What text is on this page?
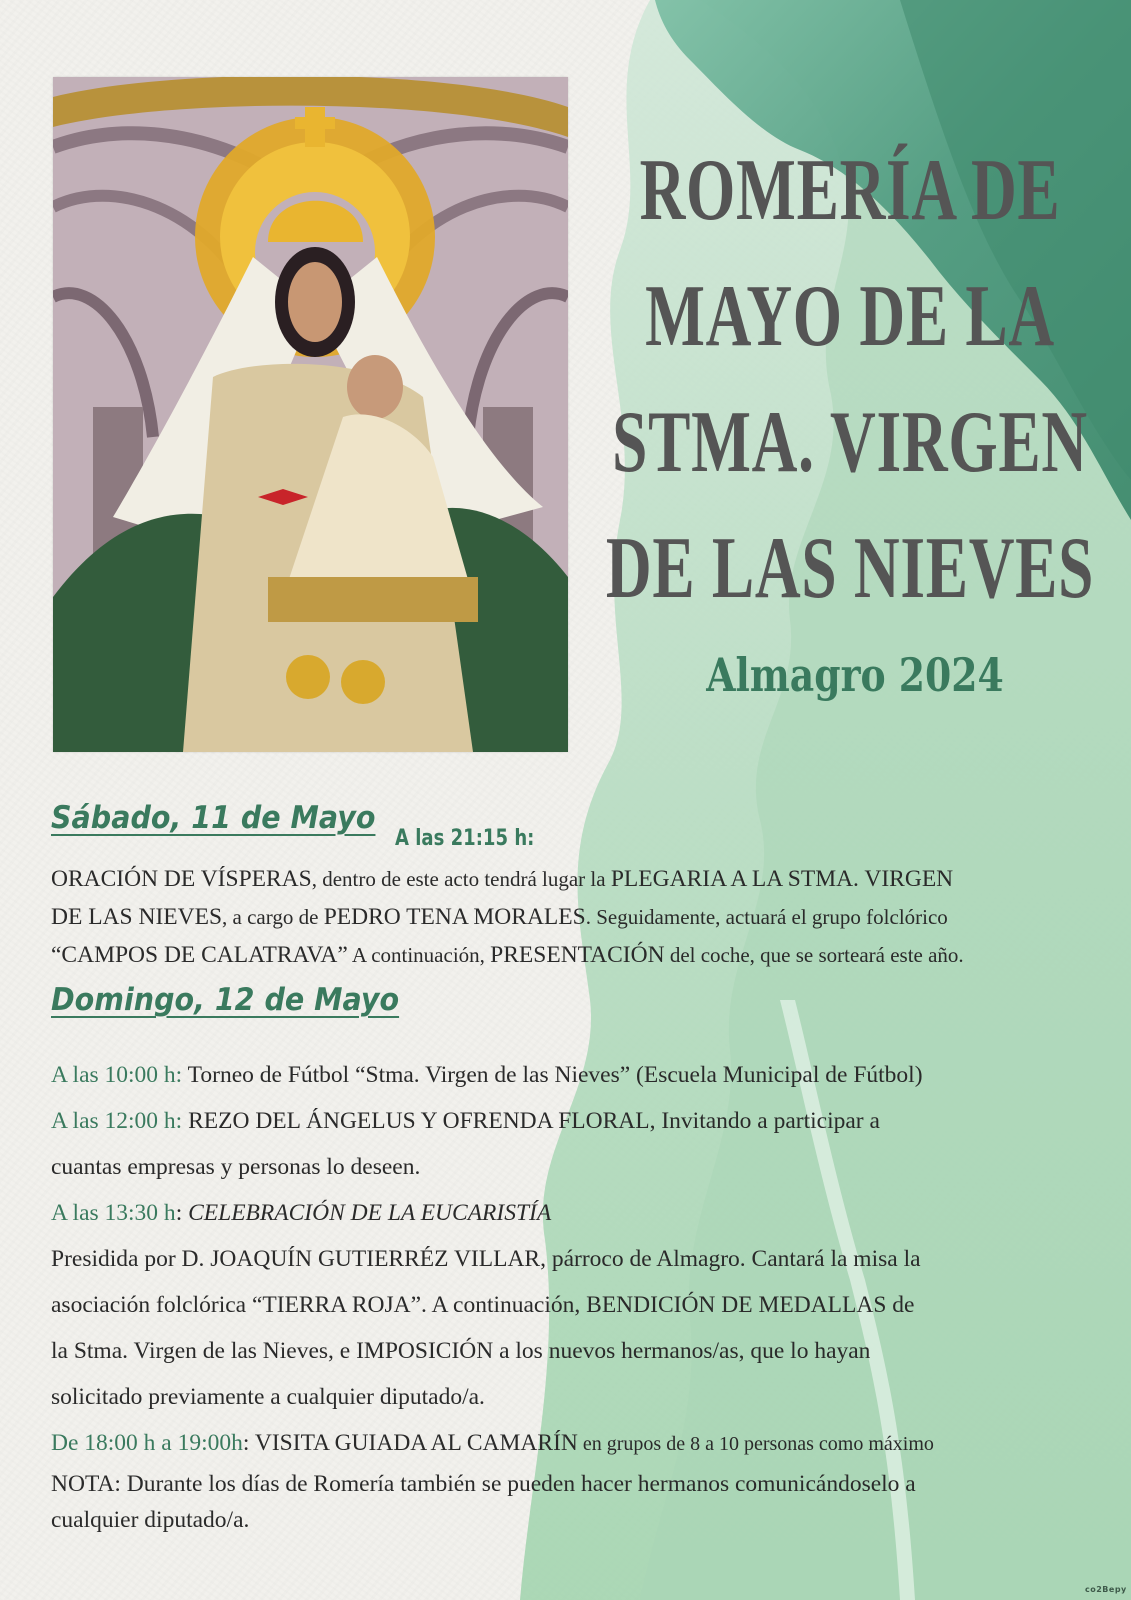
ROMERÍA DE
MAYO DE LA
STMA. VIRGEN
DE LAS NIEVES
Almagro 2024
Sábado, 11 de Mayo
A las 21:15 h:
ORACIÓN DE VÍSPERAS, dentro de este acto tendrá lugar la PLEGARIA A LA STMA. VIRGEN
DE LAS NIEVES, a cargo de PEDRO TENA MORALES. Seguidamente, actuará el grupo folclórico
“CAMPOS DE CALATRAVA” A continuación, PRESENTACIÓN del coche, que se sorteará este año.
Domingo, 12 de Mayo
A las 10:00 h: Torneo de Fútbol “Stma. Virgen de las Nieves” (Escuela Municipal de Fútbol)
A las 12:00 h: REZO DEL ÁNGELUS Y OFRENDA FLORAL, Invitando a participar a
cuantas empresas y personas lo deseen.
A las 13:30 h: CELEBRACIÓN DE LA EUCARISTÍA
Presidida por D. JOAQUÍN GUTIERRÉZ VILLAR, párroco de Almagro. Cantará la misa la
asociación folclórica “TIERRA ROJA”. A continuación, BENDICIÓN DE MEDALLAS de
la Stma. Virgen de las Nieves, e IMPOSICIÓN a los nuevos hermanos/as, que lo hayan
solicitado previamente a cualquier diputado/a.
De 18:00 h a 19:00h: VISITA GUIADA AL CAMARÍN en grupos de 8 a 10 personas como máximo
NOTA: Durante los días de Romería también se pueden hacer hermanos comunicándoselo a
cualquier diputado/a.
co2Bepy
